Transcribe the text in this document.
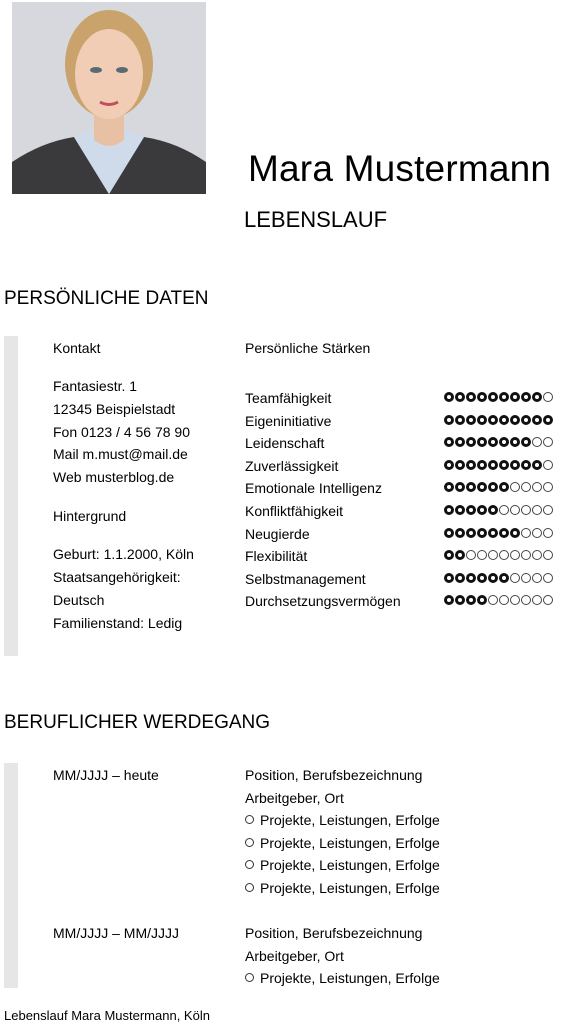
Mara Mustermann
LEBENSLAUF
PERSÖNLICHE DATEN
Kontakt
Fantasiestr. 1
12345 Beispielstadt
Fon 0123 / 4 56 78 90
Mail m.must@mail.de
Web musterblog.de
Hintergrund
Geburt: 1.1.2000, Köln
Staatsangehörigkeit:
Deutsch
Familienstand: Ledig
Persönliche Stärken
Teamfähigkeit
Eigeninitiative
Leidenschaft
Zuverlässigkeit
Emotionale Intelligenz
Konfliktfähigkeit
Neugierde
Flexibilität
Selbstmanagement
Durchsetzungsvermögen
BERUFLICHER WERDEGANG
MM/JJJJ – heute	Position, Berufsbezeichnung
Arbeitgeber, Ort
Projekte, Leistungen, Erfolge
Projekte, Leistungen, Erfolge
Projekte, Leistungen, Erfolge
Projekte, Leistungen, Erfolge
MM/JJJJ – MM/JJJJ	Position, Berufsbezeichnung
Arbeitgeber, Ort
Projekte, Leistungen, Erfolge
Lebenslauf Mara Mustermann, Köln
